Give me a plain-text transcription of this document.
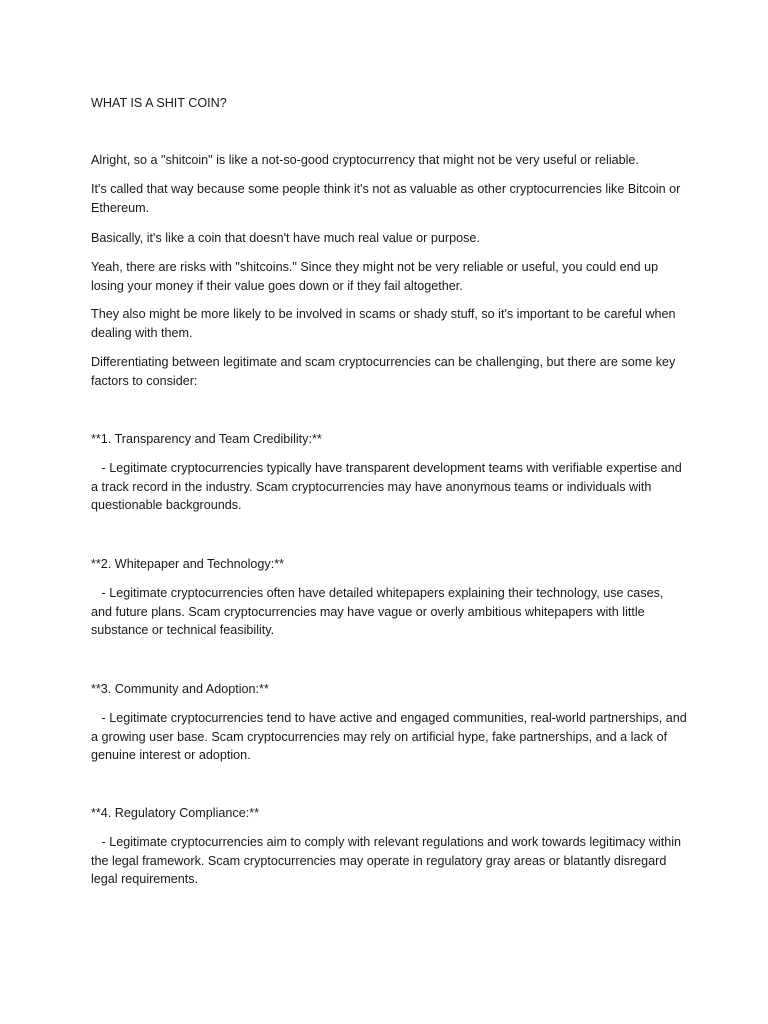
WHAT IS A SHIT COIN?

Alright, so a "shitcoin" is like a not-so-good cryptocurrency that might not be very useful or reliable.

It's called that way because some people think it's not as valuable as other cryptocurrencies like Bitcoin or Ethereum.

Basically, it's like a coin that doesn't have much real value or purpose.

Yeah, there are risks with "shitcoins." Since they might not be very reliable or useful, you could end up losing your money if their value goes down or if they fail altogether.

They also might be more likely to be involved in scams or shady stuff, so it's important to be careful when dealing with them.

Differentiating between legitimate and scam cryptocurrencies can be challenging, but there are some key factors to consider:

**1. Transparency and Team Credibility:**

- Legitimate cryptocurrencies typically have transparent development teams with verifiable expertise and a track record in the industry. Scam cryptocurrencies may have anonymous teams or individuals with questionable backgrounds.

**2. Whitepaper and Technology:**

- Legitimate cryptocurrencies often have detailed whitepapers explaining their technology, use cases, and future plans. Scam cryptocurrencies may have vague or overly ambitious whitepapers with little substance or technical feasibility.

**3. Community and Adoption:**

- Legitimate cryptocurrencies tend to have active and engaged communities, real-world partnerships, and a growing user base. Scam cryptocurrencies may rely on artificial hype, fake partnerships, and a lack of genuine interest or adoption.

**4. Regulatory Compliance:**

- Legitimate cryptocurrencies aim to comply with relevant regulations and work towards legitimacy within the legal framework. Scam cryptocurrencies may operate in regulatory gray areas or blatantly disregard legal requirements.
